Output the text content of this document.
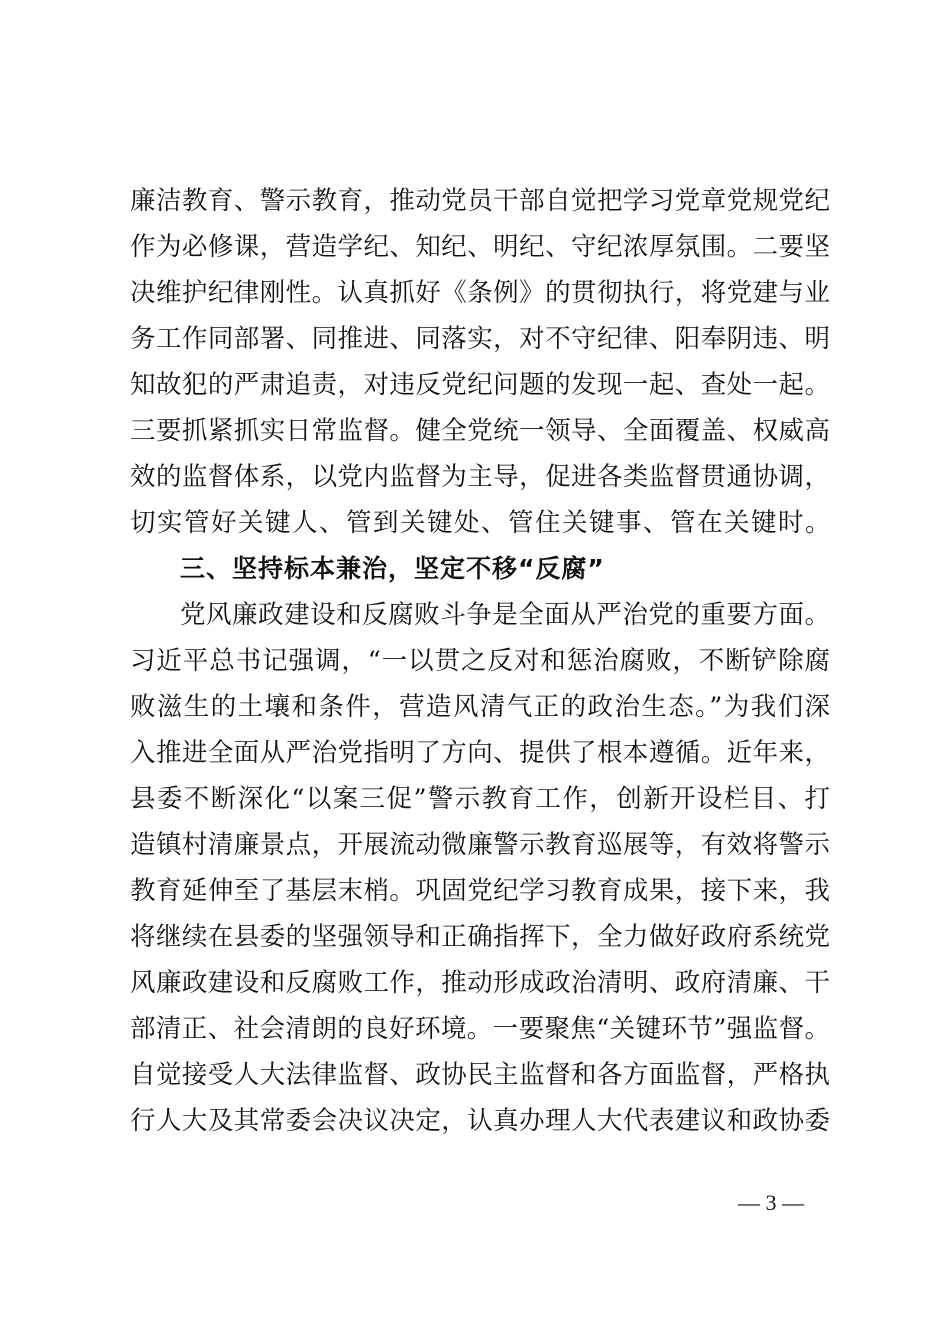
廉洁教育、警示教育，推动党员干部自觉把学习党章党规党纪
作为必修课，营造学纪、知纪、明纪、守纪浓厚氛围。二要坚
决维护纪律刚性。认真抓好《条例》的贯彻执行，将党建与业
务工作同部署、同推进、同落实，对不守纪律、阳奉阴违、明
知故犯的严肃追责，对违反党纪问题的发现一起、查处一起。
三要抓紧抓实日常监督。健全党统一领导、全面覆盖、权威高
效的监督体系，以党内监督为主导，促进各类监督贯通协调，
切实管好关键人、管到关键处、管住关键事、管在关键时。
三、坚持标本兼治，坚定不移“反腐”
党风廉政建设和反腐败斗争是全面从严治党的重要方面。
习近平总书记强调，“一以贯之反对和惩治腐败，不断铲除腐
败滋生的土壤和条件，营造风清气正的政治生态。”为我们深
入推进全面从严治党指明了方向、提供了根本遵循。近年来，
县委不断深化“以案三促”警示教育工作，创新开设栏目、打
造镇村清廉景点，开展流动微廉警示教育巡展等，有效将警示
教育延伸至了基层末梢。巩固党纪学习教育成果，接下来，我
将继续在县委的坚强领导和正确指挥下，全力做好政府系统党
风廉政建设和反腐败工作，推动形成政治清明、政府清廉、干
部清正、社会清朗的良好环境。一要聚焦“关键环节”强监督。
自觉接受人大法律监督、政协民主监督和各方面监督，严格执
行人大及其常委会决议决定，认真办理人大代表建议和政协委
— 3 —
